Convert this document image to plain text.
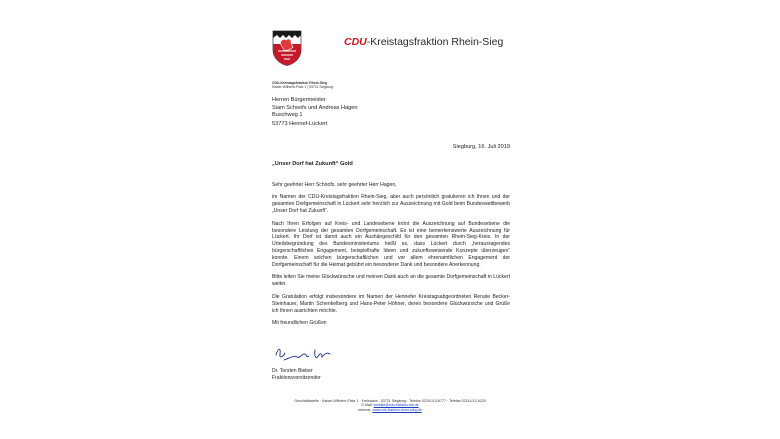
CDU-Kreistagsfraktion Rhein-Sieg
CDU-Kreistagsfraktion Rhein-Sieg
Kaiser-Wilhelm-Platz 1 | 53721 Siegburg
Herren Bürgermeister
Siam Schoofs und Andreas Hagen
Buschweg 1
53773 Hennef-Lückert
Siegburg, 16. Juli 2019
„Unser Dorf hat Zukunft“ Gold

Sehr geehrter Herr Schoofs, sehr geehrter Herr Hagen,

im Namen der CDU-Kreistagsfraktion Rhein-Sieg, aber auch persönlich gratulieren ich Ihnen und der gesamten Dorfgemeinschaft in Lückert sehr herzlich zur Auszeichnung mit Gold beim Bundeswettbewerb „Unser Dorf hat Zukunft“.

Nach Ihren Erfolgen auf Kreis- und Landesebene krönt die Auszeichnung auf Bundesebene die besondere Leistung der gesamten Dorfgemeinschaft. Es ist eine bemerkenswerte Auszeichnung für Lückert. Ihr Dorf ist damit auch ein Aushängeschild für den gesamten Rhein-Sieg-Kreis. In der Urteilsbegründung des Bundesministeriums heißt es, dass Lückert durch „herausragendes bürgerschaftliches Engagement, beispielhafte Ideen und zukunftsweisende Konzepte überzeugen“ konnte. Einem solchen bürgerschaftlichen und vor allem ehrenamtlichen Engagement der Dorfgemeinschaft für die Heimat gebührt ein besonderer Dank und besondere Anerkennung.

Bitte leiten Sie meine Glückwünsche und meinen Dank auch an die gesamte Dorfgemeinschaft in Lückert weiter.

Die Gratulation erfolgt insbesondere im Namen der Hennefer Kreistagsabgeordneten Renate Becker-Steinhauer, Martin Schenkelberg und Hans-Peter Höhner, deren besondere Glückwünsche und Grüße ich Ihnen ausrichten möchte.

Mit freundlichen Grüßen

Dr. Torsten Bieber
Fraktionsvorsitzender
Geschäftsstelle · Kaiser-Wilhelm-Platz 1 · Kreishaus · 53721 Siegburg · Telefon 02241/13-6777 · Telefax 02241/13-6229
E-Mail: kontakt@cdu-fraktion-rsk.de
Internet: www.cdu-fraktion-rhein-sieg.de
